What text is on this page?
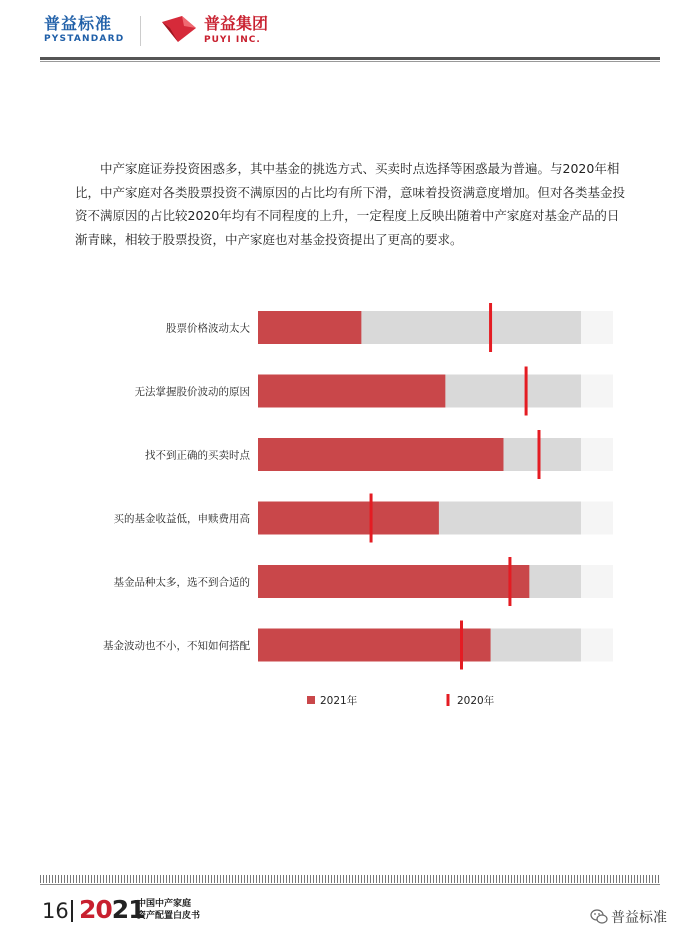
普益标准
PYSTANDARD
普益集团
PUYI INC.
中产家庭证券投资困惑多，其中基金的挑选方式、买卖时点选择等困惑最为普遍。与2020年相比，中产家庭对各类股票投资不满原因的占比均有所下滑，意味着投资满意度增加。但对各类基金投资不满原因的占比较2020年均有不同程度的上升，一定程度上反映出随着中产家庭对基金产品的日渐青睐，相较于股票投资，中产家庭也对基金投资提出了更高的要求。
股票价格波动太大
无法掌握股价波动的原因
找不到正确的买卖时点
买的基金收益低，申赎费用高
基金品种太多，选不到合适的
基金波动也不小，不知如何搭配
2021年	2020年
16 2021
中国中产家庭
资产配置白皮书	普益标准
